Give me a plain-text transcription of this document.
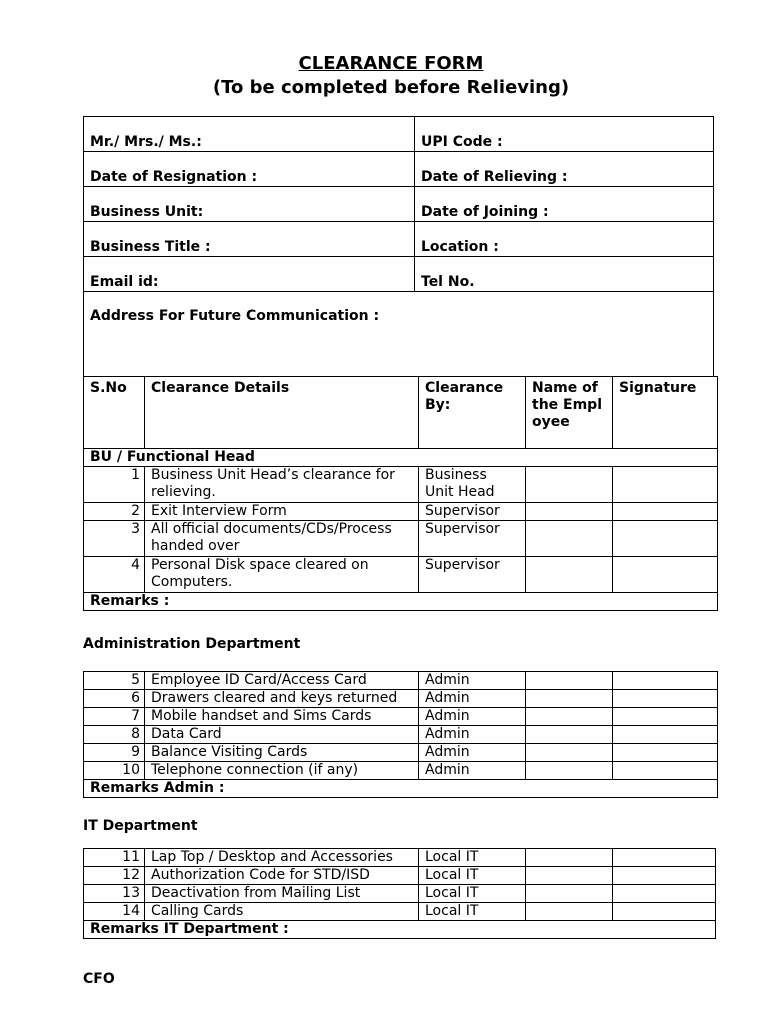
CLEARANCE FORM
(To be completed before Relieving)
Mr./ Mrs./ Ms.:	UPI Code :
Date of Resignation :	Date of Relieving :
Business Unit:	Date of Joining :
Business Title :	Location :
Email id:	Tel No.
Address For Future Communication :	
S.No	Clearance Details	Clearance By:	Name of the Employee	Signature
BU / Functional Head				
1	Business Unit Head’s clearance for relieving.	Business Unit Head		
2	Exit Interview Form	Supervisor		
3	All official documents/CDs/Process handed over	Supervisor		
4	Personal Disk space cleared on Computers.	Supervisor		
Remarks :				
Administration Department
5	Employee ID Card/Access Card	Admin		
6	Drawers cleared and keys returned	Admin		
7	Mobile handset and Sims Cards	Admin		
8	Data Card	Admin		
9	Balance Visiting Cards	Admin		
10	Telephone connection (if any)	Admin		
Remarks Admin :				
IT Department
11	Lap Top / Desktop and Accessories	Local IT		
12	Authorization Code for STD/ISD	Local IT		
13	Deactivation from Mailing List	Local IT		
14	Calling Cards	Local IT		
Remarks IT Department :				
CFO
